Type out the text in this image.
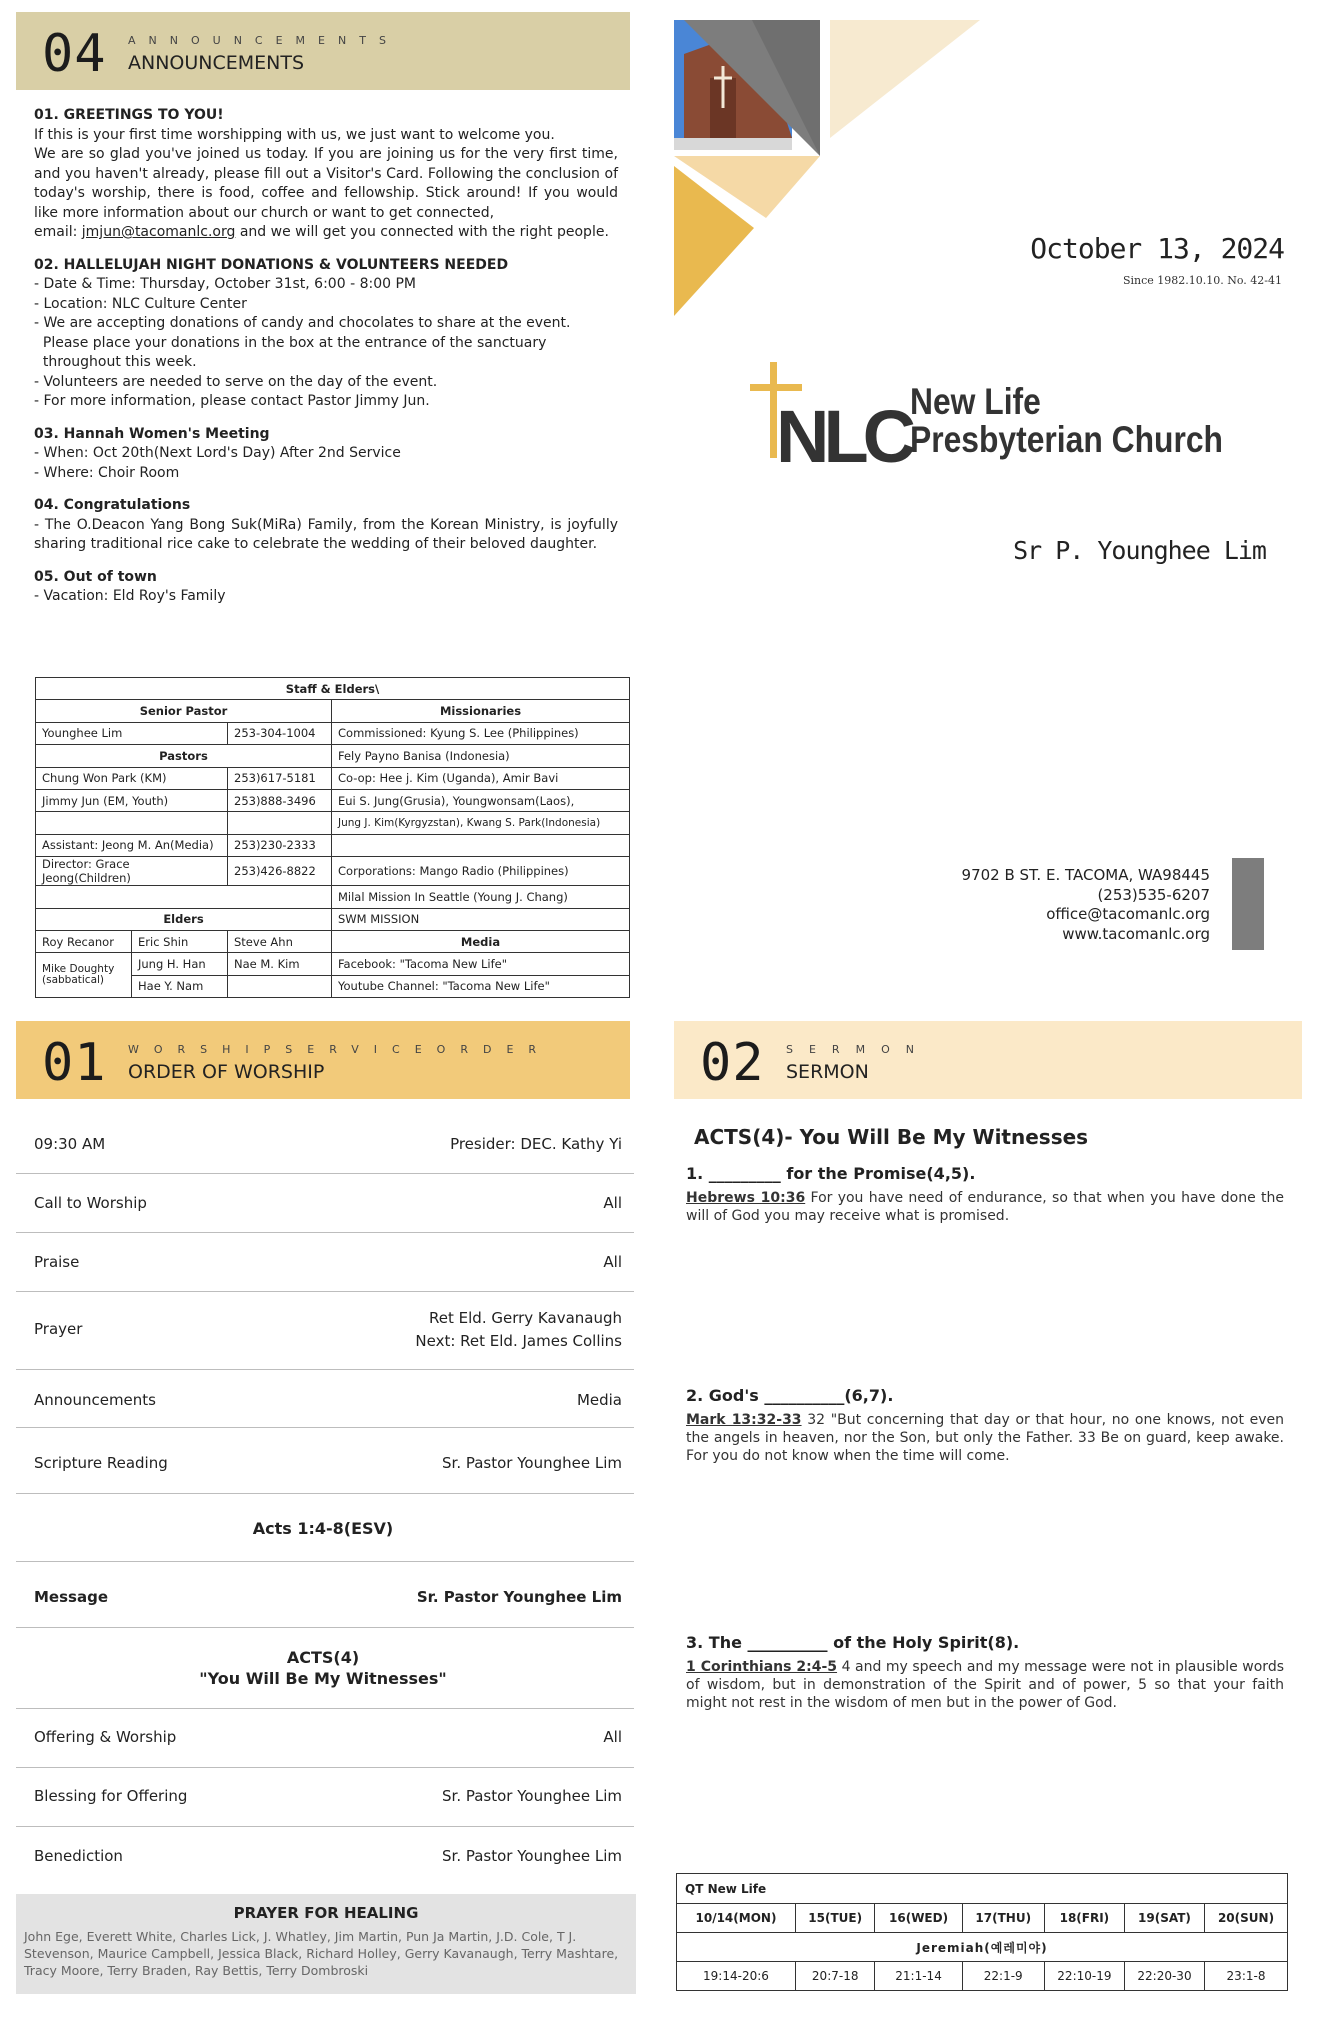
04 ANNOUNCEMENTS
ANNOUNCEMENTS
01. GREETINGS TO YOU!
If this is your first time worshipping with us, we just want to welcome you.
We are so glad you've joined us today. If you are joining us for the very first time, and you haven't already, please fill out a Visitor's Card. Following the conclusion of today's worship, there is food, coffee and fellowship. Stick around! If you would like more information about our church or want to get connected,
email: jmjun@tacomanlc.org and we will get you connected with the right people.
02. HALLELUJAH NIGHT DONATIONS & VOLUNTEERS NEEDED
- Date & Time: Thursday, October 31st, 6:00 - 8:00 PM
- Location: NLC Culture Center
- We are accepting donations of candy and chocolates to share at the event.
Please place your donations in the box at the entrance of the sanctuary
throughout this week.
- Volunteers are needed to serve on the day of the event.
- For more information, please contact Pastor Jimmy Jun.
03. Hannah Women's Meeting
- When: Oct 20th(Next Lord's Day) After 2nd Service
- Where: Choir Room
04. Congratulations
- The O.Deacon Yang Bong Suk(MiRa) Family, from the Korean Ministry, is joyfully sharing traditional rice cake to celebrate the wedding of their beloved daughter.
05. Out of town
- Vacation: Eld Roy's Family
Staff & Elders\			
Senior Pastor			Missionaries
Younghee Lim		253-304-1004	Commissioned: Kyung S. Lee (Philippines)
Pastors			Fely Payno Banisa (Indonesia)
Chung Won Park (KM)		253)617-5181	Co-op: Hee j. Kim (Uganda), Amir Bavi
Jimmy Jun (EM, Youth)		253)888-3496	Eui S. Jung(Grusia), Youngwonsam(Laos),
			Jung J. Kim(Kyrgyzstan), Kwang S. Park(Indonesia)
Assistant: Jeong M. An(Media)		253)230-2333	
Director: Grace Jeong(Children)		253)426-8822	Corporations: Mango Radio (Philippines)
			Milal Mission In Seattle (Young J. Chang)
Elders			SWM MISSION
Roy Recanor	Eric Shin	Steve Ahn	Media
Mike Doughty (sabbatical)	Jung H. Han	Nae M. Kim	Facebook: "Tacoma New Life"
	Hae Y. Nam		Youtube Channel: "Tacoma New Life"
October 13, 2024
Since 1982.10.10. No. 42-41
NLC New Life
Presbyterian Church
Sr P. Younghee Lim
9702 B ST. E. TACOMA, WA98445
(253)535-6207
office@tacomanlc.org
www.tacomanlc.org
01 WORSHIPSERVICEORDER
ORDER OF WORSHIP
09:30 AM	Presider: DEC. Kathy Yi
Call to Worship	All
Praise	All
Prayer
Ret Eld. Gerry Kavanaugh
Next: Ret Eld. James Collins
Announcements	Media
Scripture Reading	Sr. Pastor Younghee Lim
Acts 1:4-8(ESV)
Message	Sr. Pastor Younghee Lim
ACTS(4)
"You Will Be My Witnesses"
Offering & Worship	All
Blessing for Offering	Sr. Pastor Younghee Lim
Benediction	Sr. Pastor Younghee Lim
PRAYER FOR HEALING
John Ege, Everett White, Charles Lick, J. Whatley, Jim Martin, Pun Ja Martin, J.D. Cole, T J. Stevenson, Maurice Campbell, Jessica Black, Richard Holley, Gerry Kavanaugh, Terry Mashtare, Tracy Moore, Terry Braden, Ray Bettis, Terry Dombroski
02 SERMON
SERMON
ACTS(4)- You Will Be My Witnesses
1. _________ for the Promise(4,5).
Hebrews 10:36 For you have need of endurance, so that when you have done the will of God you may receive what is promised.
2. God's __________(6,7).
Mark 13:32-33 32 "But concerning that day or that hour, no one knows, not even the angels in heaven, nor the Son, but only the Father. 33 Be on guard, keep awake. For you do not know when the time will come.
3. The __________ of the Holy Spirit(8).
1 Corinthians 2:4-5 4 and my speech and my message were not in plausible words of wisdom, but in demonstration of the Spirit and of power, 5 so that your faith might not rest in the wisdom of men but in the power of God.
QT New Life						
10/14(MON)	15(TUE)	16(WED)	17(THU)	18(FRI)	19(SAT)	20(SUN)
Jeremiah(예레미야)						
19:14-20:6	20:7-18	21:1-14	22:1-9	22:10-19	22:20-30	23:1-8
